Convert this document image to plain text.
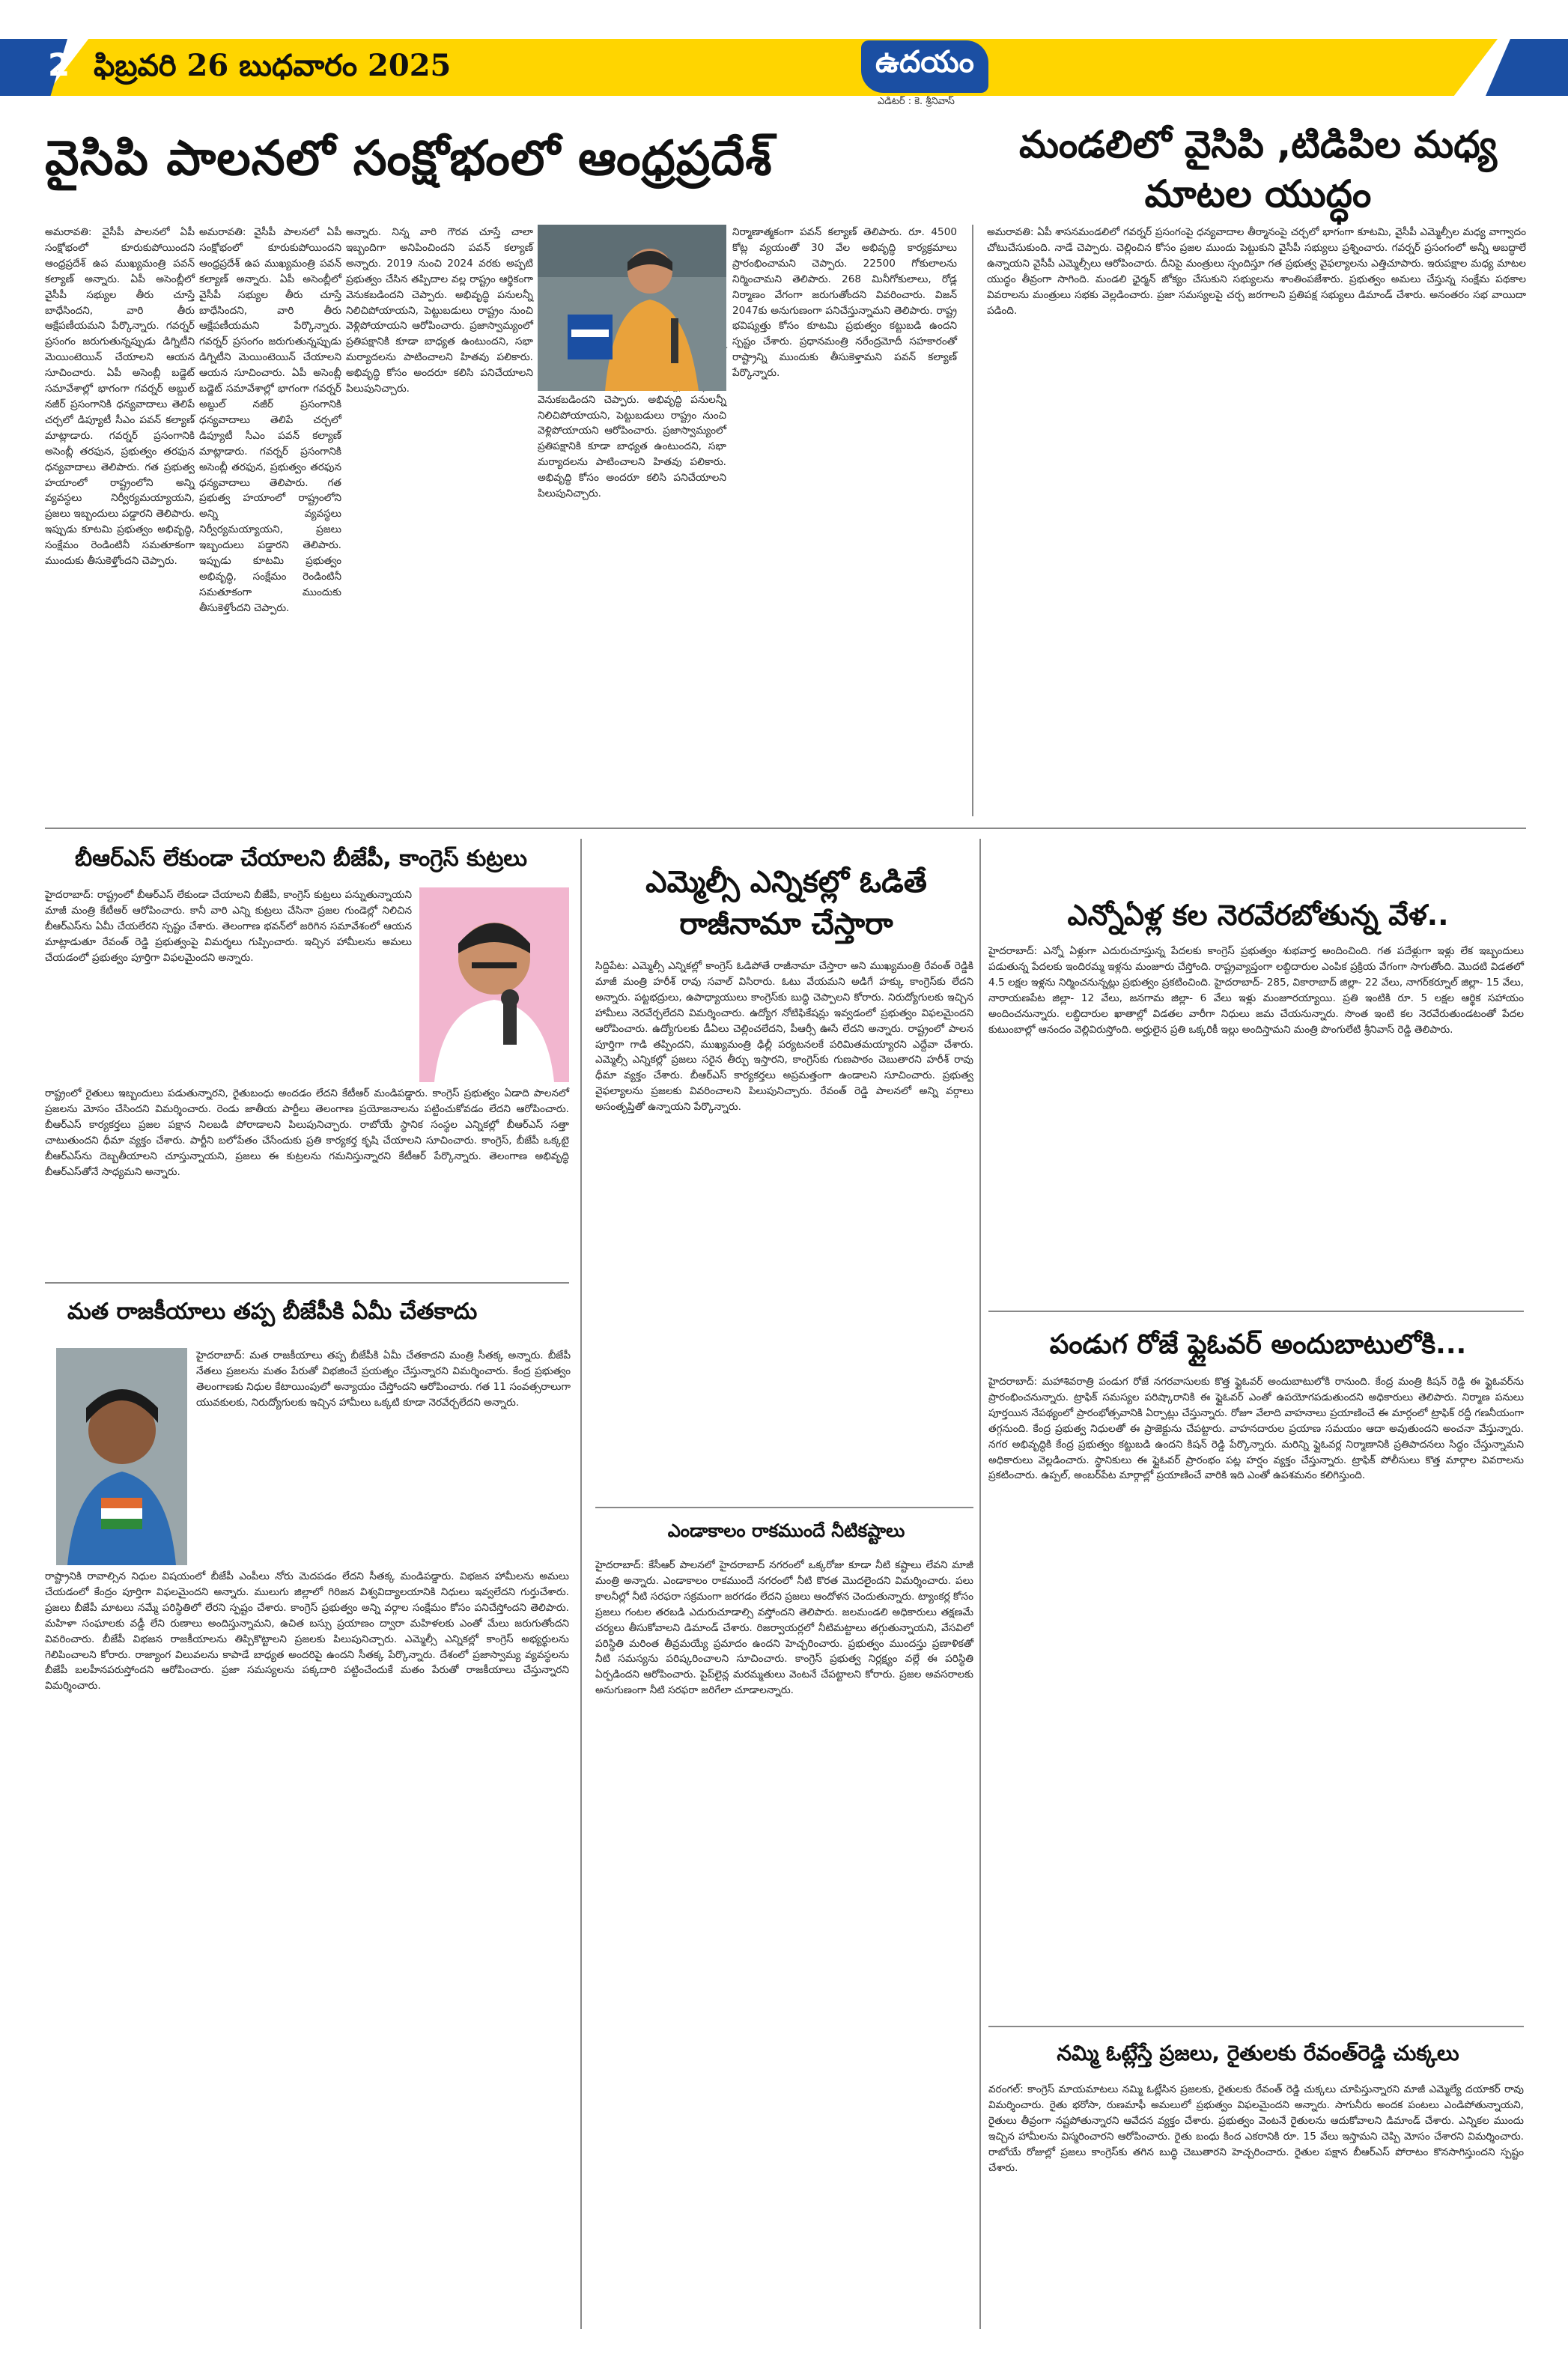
2 ఫిబ్రవరి 26 బుధవారం 2025	ఉదయం
ఎడిటర్ : కె. శ్రీనివాస్
వైసిపి పాలనలో సంక్షోభంలో ఆంధ్రప్రదేశ్	మండలిలో వైసిపి ,టిడిపిల మధ్య మాటల యుద్ధం
అమరావతి: వైసీపీ పాలనలో ఏపీ సంక్షోభంలో కూరుకుపోయిందని ఆంధ్రప్రదేశ్ ఉప ముఖ్యమంత్రి పవన్ కల్యాణ్ అన్నారు. ఏపీ అసెంబ్లీలో వైసీపీ సభ్యుల తీరు చూస్తే బాధేసిందని, వారి తీరు ఆక్షేపణీయమని పేర్కొన్నారు. గవర్నర్ ప్రసంగం జరుగుతున్నప్పుడు డిగ్నిటీని మెయింటెయిన్ చేయాలని ఆయన సూచించారు. ఏపీ అసెంబ్లీ బడ్జెట్ సమావేశాల్లో భాగంగా గవర్నర్ అబ్దుల్ నజీర్ ప్రసంగానికి ధన్యవాదాలు తెలిపే చర్చలో డిప్యూటీ సీఎం పవన్ కల్యాణ్ మాట్లాడారు. గవర్నర్ ప్రసంగానికి అసెంబ్లీ తరఫున, ప్రభుత్వం తరఫున ధన్యవాదాలు తెలిపారు. గత ప్రభుత్వ హయాంలో రాష్ట్రంలోని అన్ని వ్యవస్థలు నిర్వీర్యమయ్యాయని, ప్రజలు ఇబ్బందులు పడ్డారని తెలిపారు. ఇప్పుడు కూటమి ప్రభుత్వం అభివృద్ధి, సంక్షేమం రెండింటినీ సమతూకంగా ముందుకు తీసుకెళ్తోందని చెప్పారు.
అమరావతి: వైసీపీ పాలనలో ఏపీ సంక్షోభంలో కూరుకుపోయిందని ఆంధ్రప్రదేశ్ ఉప ముఖ్యమంత్రి పవన్ కల్యాణ్ అన్నారు. ఏపీ అసెంబ్లీలో వైసీపీ సభ్యుల తీరు చూస్తే బాధేసిందని, వారి తీరు ఆక్షేపణీయమని పేర్కొన్నారు. గవర్నర్ ప్రసంగం జరుగుతున్నప్పుడు డిగ్నిటీని మెయింటెయిన్ చేయాలని ఆయన సూచించారు. ఏపీ అసెంబ్లీ బడ్జెట్ సమావేశాల్లో భాగంగా గవర్నర్ అబ్దుల్ నజీర్ ప్రసంగానికి ధన్యవాదాలు తెలిపే చర్చలో డిప్యూటీ సీఎం పవన్ కల్యాణ్ మాట్లాడారు. గవర్నర్ ప్రసంగానికి అసెంబ్లీ తరఫున, ప్రభుత్వం తరఫున ధన్యవాదాలు తెలిపారు. గత ప్రభుత్వ హయాంలో రాష్ట్రంలోని అన్ని వ్యవస్థలు నిర్వీర్యమయ్యాయని, ప్రజలు ఇబ్బందులు పడ్డారని తెలిపారు. ఇప్పుడు కూటమి ప్రభుత్వం అభివృద్ధి, సంక్షేమం రెండింటినీ సమతూకంగా ముందుకు తీసుకెళ్తోందని చెప్పారు.
అన్నారు. నిన్న వారి గౌరవ చూస్తే చాలా ఇబ్బందిగా అనిపించిందని పవన్ కల్యాణ్ అన్నారు. 2019 నుంచి 2024 వరకు అప్పటి ప్రభుత్వం చేసిన తప్పిదాల వల్ల రాష్ట్రం ఆర్థికంగా వెనుకబడిందని చెప్పారు. అభివృద్ధి పనులన్నీ నిలిచిపోయాయని, పెట్టుబడులు రాష్ట్రం నుంచి వెళ్లిపోయాయని ఆరోపించారు. ప్రజాస్వామ్యంలో ప్రతిపక్షానికి కూడా బాధ్యత ఉంటుందని, సభా మర్యాదలను పాటించాలని హితవు పలికారు. అభివృద్ధి కోసం అందరూ కలిసి పనిచేయాలని పిలుపునిచ్చారు.
వెనుకబడిందని చెప్పారు. అభివృద్ధి పనులన్నీ నిలిచిపోయాయని, పెట్టుబడులు రాష్ట్రం నుంచి వెళ్లిపోయాయని ఆరోపించారు. ప్రజాస్వామ్యంలో ప్రతిపక్షానికి కూడా బాధ్యత ఉంటుందని, సభా మర్యాదలను పాటించాలని హితవు పలికారు. అభివృద్ధి కోసం అందరూ కలిసి పనిచేయాలని పిలుపునిచ్చారు.
నిర్మాణాత్మకంగా పవన్ కల్యాణ్ తెలిపారు. రూ. 4500 కోట్ల వ్యయంతో 30 వేల అభివృద్ధి కార్యక్రమాలు ప్రారంభించామని చెప్పారు. 22500 గోకులాలను నిర్మించామని తెలిపారు. 268 మినీగోకులాలు, రోడ్ల నిర్మాణం వేగంగా జరుగుతోందని వివరించారు. విజన్ 2047కు అనుగుణంగా పనిచేస్తున్నామని తెలిపారు. రాష్ట్ర భవిష్యత్తు కోసం కూటమి ప్రభుత్వం కట్టుబడి ఉందని స్పష్టం చేశారు. ప్రధానమంత్రి నరేంద్రమోదీ సహకారంతో రాష్ట్రాన్ని ముందుకు తీసుకెళ్తామని పవన్ కల్యాణ్ పేర్కొన్నారు.
అమరావతి: ఏపీ శాసనమండలిలో గవర్నర్ ప్రసంగంపై ధన్యవాదాల తీర్మానంపై చర్చలో భాగంగా కూటమి, వైసీపీ ఎమ్మెల్సీల మధ్య వాగ్వాదం చోటుచేసుకుంది. నాడే చెప్పారు. చెల్లించిన కోసం ప్రజల ముందు పెట్టుకుని వైసీపీ సభ్యులు ప్రశ్నించారు. గవర్నర్ ప్రసంగంలో అన్నీ అబద్ధాలే ఉన్నాయని వైసీపీ ఎమ్మెల్సీలు ఆరోపించారు. దీనిపై మంత్రులు స్పందిస్తూ గత ప్రభుత్వ వైఫల్యాలను ఎత్తిచూపారు. ఇరుపక్షాల మధ్య మాటల యుద్ధం తీవ్రంగా సాగింది. మండలి ఛైర్మన్ జోక్యం చేసుకుని సభ్యులను శాంతింపజేశారు. ప్రభుత్వం అమలు చేస్తున్న సంక్షేమ పథకాల వివరాలను మంత్రులు సభకు వెల్లడించారు. ప్రజా సమస్యలపై చర్చ జరగాలని ప్రతిపక్ష సభ్యులు డిమాండ్ చేశారు. అనంతరం సభ వాయిదా పడింది.
బీఆర్ఎస్ లేకుండా చేయాలని బీజేపీ, కాంగ్రెస్ కుట్రలు
హైదరాబాద్: రాష్ట్రంలో బీఆర్ఎస్ లేకుండా చేయాలని బీజేపీ, కాంగ్రెస్ కుట్రలు పన్నుతున్నాయని మాజీ మంత్రి కేటీఆర్ ఆరోపించారు. కానీ వారి ఎన్ని కుట్రలు చేసినా ప్రజల గుండెల్లో నిలిచిన బీఆర్ఎస్‌ను ఏమీ చేయలేరని స్పష్టం చేశారు. తెలంగాణ భవన్‌లో జరిగిన సమావేశంలో ఆయన మాట్లాడుతూ రేవంత్ రెడ్డి ప్రభుత్వంపై విమర్శలు గుప్పించారు. ఇచ్చిన హామీలను అమలు చేయడంలో ప్రభుత్వం పూర్తిగా విఫలమైందని అన్నారు.
రాష్ట్రంలో రైతులు ఇబ్బందులు పడుతున్నారని, రైతుబంధు అందడం లేదని కేటీఆర్ మండిపడ్డారు. కాంగ్రెస్ ప్రభుత్వం ఏడాది పాలనలో ప్రజలను మోసం చేసిందని విమర్శించారు. రెండు జాతీయ పార్టీలు తెలంగాణ ప్రయోజనాలను పట్టించుకోవడం లేదని ఆరోపించారు. బీఆర్ఎస్ కార్యకర్తలు ప్రజల పక్షాన నిలబడి పోరాడాలని పిలుపునిచ్చారు. రాబోయే స్థానిక సంస్థల ఎన్నికల్లో బీఆర్ఎస్ సత్తా చాటుతుందని ధీమా వ్యక్తం చేశారు. పార్టీని బలోపేతం చేసేందుకు ప్రతి కార్యకర్త కృషి చేయాలని సూచించారు. కాంగ్రెస్, బీజేపీ ఒక్కటై బీఆర్ఎస్‌ను దెబ్బతీయాలని చూస్తున్నాయని, ప్రజలు ఈ కుట్రలను గమనిస్తున్నారని కేటీఆర్ పేర్కొన్నారు. తెలంగాణ అభివృద్ధి బీఆర్ఎస్‌తోనే సాధ్యమని అన్నారు.
మత రాజకీయాలు తప్ప బీజేపీకి ఏమీ చేతకాదు
హైదరాబాద్: మత రాజకీయాలు తప్ప బీజేపీకి ఏమీ చేతకాదని మంత్రి సీతక్క అన్నారు. బీజేపీ నేతలు ప్రజలను మతం పేరుతో విభజించే ప్రయత్నం చేస్తున్నారని విమర్శించారు. కేంద్ర ప్రభుత్వం తెలంగాణకు నిధుల కేటాయింపులో అన్యాయం చేస్తోందని ఆరోపించారు. గత 11 సంవత్సరాలుగా యువకులకు, నిరుద్యోగులకు ఇచ్చిన హామీలు ఒక్కటి కూడా నెరవేర్చలేదని అన్నారు.
రాష్ట్రానికి రావాల్సిన నిధుల విషయంలో బీజేపీ ఎంపీలు నోరు మెదపడం లేదని సీతక్క మండిపడ్డారు. విభజన హామీలను అమలు చేయడంలో కేంద్రం పూర్తిగా విఫలమైందని అన్నారు. ములుగు జిల్లాలో గిరిజన విశ్వవిద్యాలయానికి నిధులు ఇవ్వలేదని గుర్తుచేశారు. ప్రజలు బీజేపీ మాటలు నమ్మే పరిస్థితిలో లేరని స్పష్టం చేశారు. కాంగ్రెస్ ప్రభుత్వం అన్ని వర్గాల సంక్షేమం కోసం పనిచేస్తోందని తెలిపారు. మహిళా సంఘాలకు వడ్డీ లేని రుణాలు అందిస్తున్నామని, ఉచిత బస్సు ప్రయాణం ద్వారా మహిళలకు ఎంతో మేలు జరుగుతోందని వివరించారు. బీజేపీ విభజన రాజకీయాలను తిప్పికొట్టాలని ప్రజలకు పిలుపునిచ్చారు. ఎమ్మెల్సీ ఎన్నికల్లో కాంగ్రెస్ అభ్యర్థులను గెలిపించాలని కోరారు. రాజ్యాంగ విలువలను కాపాడే బాధ్యత అందరిపై ఉందని సీతక్క పేర్కొన్నారు. దేశంలో ప్రజాస్వామ్య వ్యవస్థలను బీజేపీ బలహీనపరుస్తోందని ఆరోపించారు. ప్రజా సమస్యలను పక్కదారి పట్టించేందుకే మతం పేరుతో రాజకీయాలు చేస్తున్నారని విమర్శించారు.
ఎమ్మెల్సీ ఎన్నికల్లో ఓడితే రాజీనామా చేస్తారా
సిద్దిపేట: ఎమ్మెల్సీ ఎన్నికల్లో కాంగ్రెస్ ఓడిపోతే రాజీనామా చేస్తారా అని ముఖ్యమంత్రి రేవంత్ రెడ్డికి మాజీ మంత్రి హరీశ్ రావు సవాల్ విసిరారు. ఓటు వేయమని అడిగే హక్కు కాంగ్రెస్‌కు లేదని అన్నారు. పట్టభద్రులు, ఉపాధ్యాయులు కాంగ్రెస్‌కు బుద్ధి చెప్పాలని కోరారు. నిరుద్యోగులకు ఇచ్చిన హామీలు నెరవేర్చలేదని విమర్శించారు. ఉద్యోగ నోటిఫికేషన్లు ఇవ్వడంలో ప్రభుత్వం విఫలమైందని ఆరోపించారు. ఉద్యోగులకు డీఏలు చెల్లించలేదని, పీఆర్సీ ఊసే లేదని అన్నారు. రాష్ట్రంలో పాలన పూర్తిగా గాడి తప్పిందని, ముఖ్యమంత్రి ఢిల్లీ పర్యటనలకే పరిమితమయ్యారని ఎద్దేవా చేశారు. ఎమ్మెల్సీ ఎన్నికల్లో ప్రజలు సరైన తీర్పు ఇస్తారని, కాంగ్రెస్‌కు గుణపాఠం చెబుతారని హరీశ్ రావు ధీమా వ్యక్తం చేశారు. బీఆర్ఎస్ కార్యకర్తలు అప్రమత్తంగా ఉండాలని సూచించారు. ప్రభుత్వ వైఫల్యాలను ప్రజలకు వివరించాలని పిలుపునిచ్చారు. రేవంత్ రెడ్డి పాలనలో అన్ని వర్గాలు అసంతృప్తితో ఉన్నాయని పేర్కొన్నారు.
ఎండాకాలం రాకముందే నీటికష్టాలు
హైదరాబాద్: కేసీఆర్ పాలనలో హైదరాబాద్ నగరంలో ఒక్కరోజు కూడా నీటి కష్టాలు లేవని మాజీ మంత్రి అన్నారు. ఎండాకాలం రాకముందే నగరంలో నీటి కొరత మొదలైందని విమర్శించారు. పలు కాలనీల్లో నీటి సరఫరా సక్రమంగా జరగడం లేదని ప్రజలు ఆందోళన చెందుతున్నారు. ట్యాంకర్ల కోసం ప్రజలు గంటల తరబడి ఎదురుచూడాల్సి వస్తోందని తెలిపారు. జలమండలి అధికారులు తక్షణమే చర్యలు తీసుకోవాలని డిమాండ్ చేశారు. రిజర్వాయర్లలో నీటిమట్టాలు తగ్గుతున్నాయని, వేసవిలో పరిస్థితి మరింత తీవ్రమయ్యే ప్రమాదం ఉందని హెచ్చరించారు. ప్రభుత్వం ముందస్తు ప్రణాళికతో నీటి సమస్యను పరిష్కరించాలని సూచించారు. కాంగ్రెస్ ప్రభుత్వ నిర్లక్ష్యం వల్లే ఈ పరిస్థితి ఏర్పడిందని ఆరోపించారు. పైప్‌లైన్ల మరమ్మతులు వెంటనే చేపట్టాలని కోరారు. ప్రజల అవసరాలకు అనుగుణంగా నీటి సరఫరా జరిగేలా చూడాలన్నారు.
ఎన్నోఏళ్ల కల నెరవేరబోతున్న వేళ..
హైదరాబాద్: ఎన్నో ఏళ్లుగా ఎదురుచూస్తున్న పేదలకు కాంగ్రెస్ ప్రభుత్వం శుభవార్త అందించింది. గత పదేళ్లుగా ఇళ్లు లేక ఇబ్బందులు పడుతున్న పేదలకు ఇందిరమ్మ ఇళ్లను మంజూరు చేస్తోంది. రాష్ట్రవ్యాప్తంగా లబ్ధిదారుల ఎంపిక ప్రక్రియ వేగంగా సాగుతోంది. మొదటి విడతలో 4.5 లక్షల ఇళ్లను నిర్మించనున్నట్లు ప్రభుత్వం ప్రకటించింది. హైదరాబాద్- 285, వికారాబాద్ జిల్లా- 22 వేలు, నాగర్‌కర్నూల్ జిల్లా- 15 వేలు, నారాయణపేట జిల్లా- 12 వేలు, జనగామ జిల్లా- 6 వేలు ఇళ్లు మంజూరయ్యాయి. ప్రతి ఇంటికి రూ. 5 లక్షల ఆర్థిక సహాయం అందించనున్నారు. లబ్ధిదారుల ఖాతాల్లో విడతల వారీగా నిధులు జమ చేయనున్నారు. సొంత ఇంటి కల నెరవేరుతుండటంతో పేదల కుటుంబాల్లో ఆనందం వెల్లివిరుస్తోంది. అర్హులైన ప్రతి ఒక్కరికీ ఇల్లు అందిస్తామని మంత్రి పొంగులేటి శ్రీనివాస్ రెడ్డి తెలిపారు.
పండుగ రోజే ఫ్లైఓవర్ అందుబాటులోకి...
హైదరాబాద్: మహాశివరాత్రి పండుగ రోజే నగరవాసులకు కొత్త ఫ్లైఓవర్ అందుబాటులోకి రానుంది. కేంద్ర మంత్రి కిషన్ రెడ్డి ఈ ఫ్లైఓవర్‌ను ప్రారంభించనున్నారు. ట్రాఫిక్ సమస్యల పరిష్కారానికి ఈ ఫ్లైఓవర్ ఎంతో ఉపయోగపడుతుందని అధికారులు తెలిపారు. నిర్మాణ పనులు పూర్తయిన నేపథ్యంలో ప్రారంభోత్సవానికి ఏర్పాట్లు చేస్తున్నారు. రోజూ వేలాది వాహనాలు ప్రయాణించే ఈ మార్గంలో ట్రాఫిక్ రద్దీ గణనీయంగా తగ్గనుంది. కేంద్ర ప్రభుత్వ నిధులతో ఈ ప్రాజెక్టును చేపట్టారు. వాహనదారుల ప్రయాణ సమయం ఆదా అవుతుందని అంచనా వేస్తున్నారు. నగర అభివృద్ధికి కేంద్ర ప్రభుత్వం కట్టుబడి ఉందని కిషన్ రెడ్డి పేర్కొన్నారు. మరిన్ని ఫ్లైఓవర్ల నిర్మాణానికి ప్రతిపాదనలు సిద్ధం చేస్తున్నామని అధికారులు వెల్లడించారు. స్థానికులు ఈ ఫ్లైఓవర్ ప్రారంభం పట్ల హర్షం వ్యక్తం చేస్తున్నారు. ట్రాఫిక్ పోలీసులు కొత్త మార్గాల వివరాలను ప్రకటించారు. ఉప్పల్, అంబర్‌పేట మార్గాల్లో ప్రయాణించే వారికి ఇది ఎంతో ఉపశమనం కలిగిస్తుంది.
నమ్మి ఓట్లేస్తే ప్రజలు, రైతులకు రేవంత్‌రెడ్డి చుక్కలు
వరంగల్: కాంగ్రెస్ మాయమాటలు నమ్మి ఓట్లేసిన ప్రజలకు, రైతులకు రేవంత్ రెడ్డి చుక్కలు చూపిస్తున్నారని మాజీ ఎమ్మెల్యే దయాకర్ రావు విమర్శించారు. రైతు భరోసా, రుణమాఫీ అమలులో ప్రభుత్వం విఫలమైందని అన్నారు. సాగునీరు అందక పంటలు ఎండిపోతున్నాయని, రైతులు తీవ్రంగా నష్టపోతున్నారని ఆవేదన వ్యక్తం చేశారు. ప్రభుత్వం వెంటనే రైతులను ఆదుకోవాలని డిమాండ్ చేశారు. ఎన్నికల ముందు ఇచ్చిన హామీలను విస్మరించారని ఆరోపించారు. రైతు బంధు కింద ఎకరానికి రూ. 15 వేలు ఇస్తామని చెప్పి మోసం చేశారని విమర్శించారు. రాబోయే రోజుల్లో ప్రజలు కాంగ్రెస్‌కు తగిన బుద్ధి చెబుతారని హెచ్చరించారు. రైతుల పక్షాన బీఆర్ఎస్ పోరాటం కొనసాగిస్తుందని స్పష్టం చేశారు.
